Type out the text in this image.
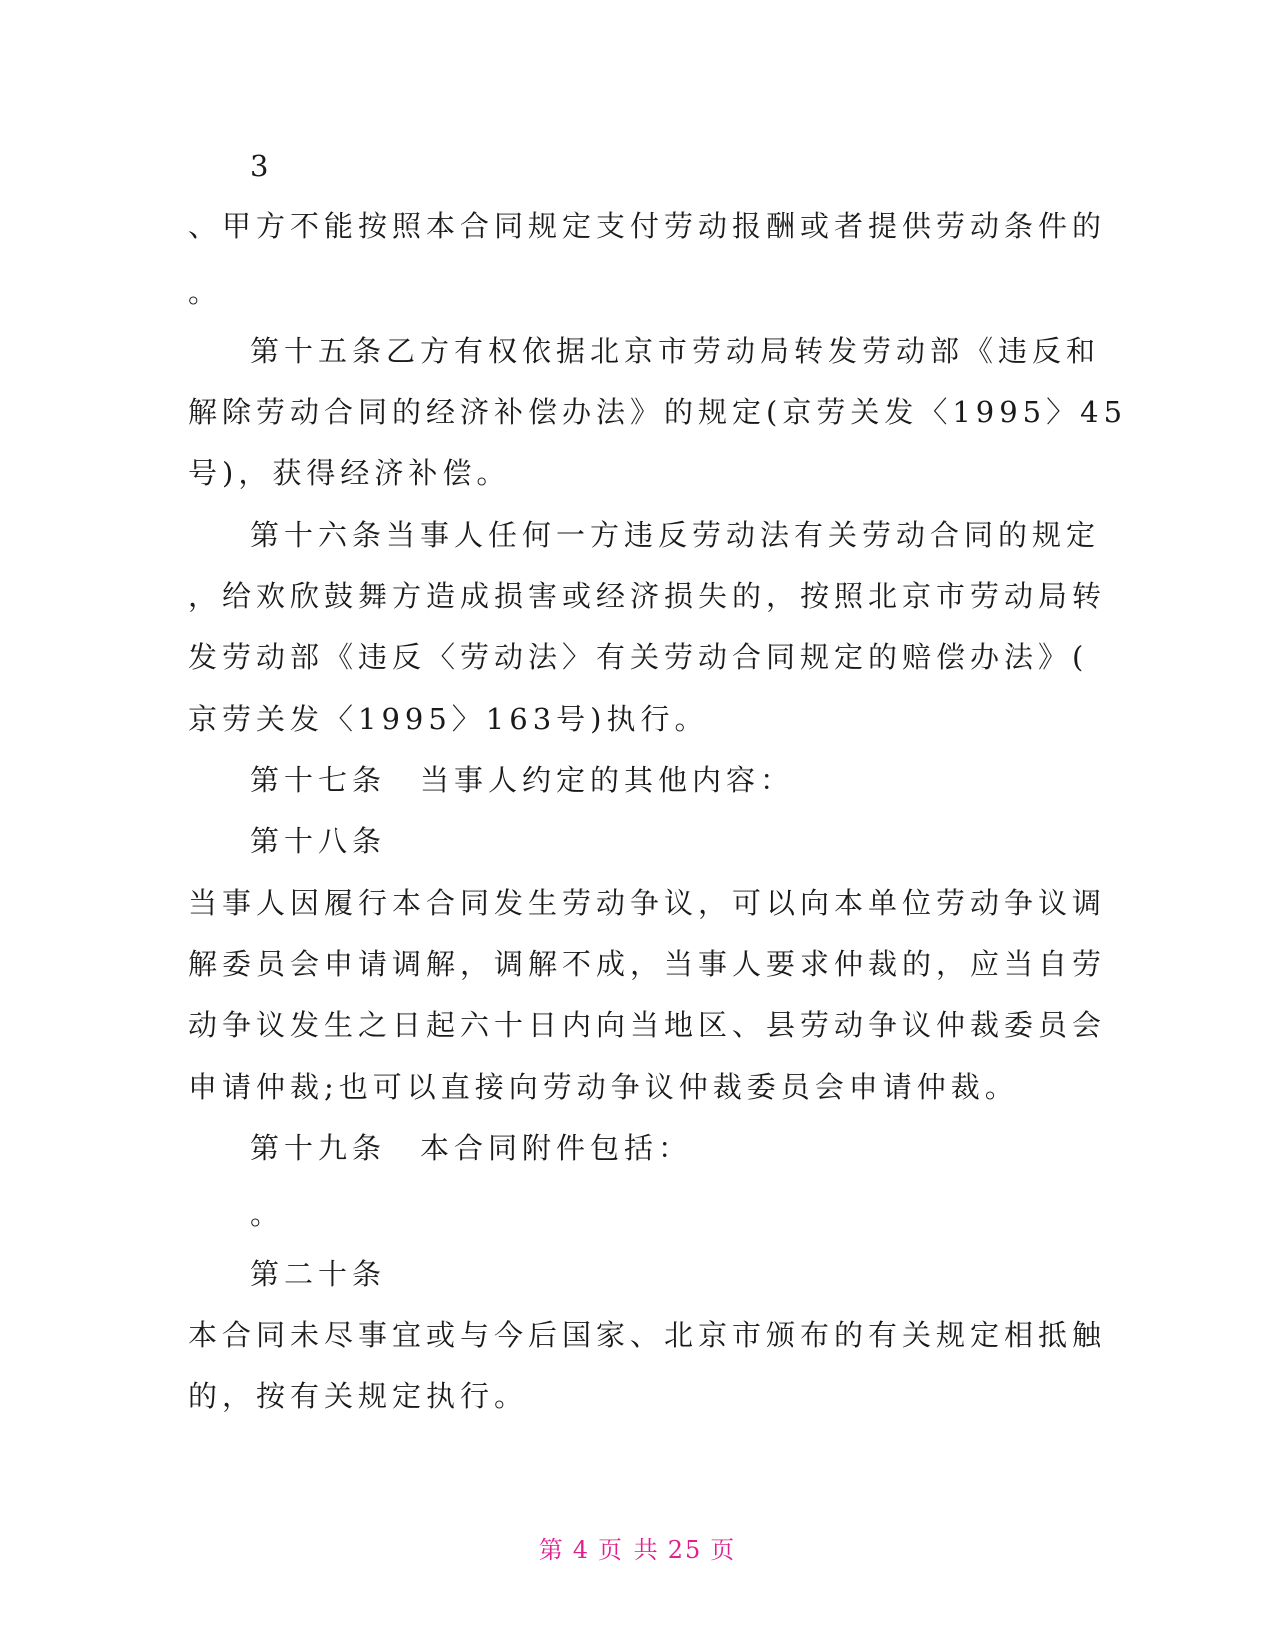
3
、甲方不能按照本合同规定支付劳动报酬或者提供劳动条件的
。
第十五条乙方有权依据北京市劳动局转发劳动部《违反和
解除劳动合同的经济补偿办法》的规定(京劳关发〈1995〉45
号)，获得经济补偿。
第十六条当事人任何一方违反劳动法有关劳动合同的规定
，给欢欣鼓舞方造成损害或经济损失的，按照北京市劳动局转
发劳动部《违反〈劳动法〉有关劳动合同规定的赔偿办法》(
京劳关发〈1995〉163号)执行。
第十七条　当事人约定的其他内容：
第十八条
当事人因履行本合同发生劳动争议，可以向本单位劳动争议调
解委员会申请调解，调解不成，当事人要求仲裁的，应当自劳
动争议发生之日起六十日内向当地区、县劳动争议仲裁委员会
申请仲裁;也可以直接向劳动争议仲裁委员会申请仲裁。
第十九条　本合同附件包括：
。
第二十条
本合同未尽事宜或与今后国家、北京市颁布的有关规定相抵触
的，按有关规定执行。
第 4 页 共 25 页
